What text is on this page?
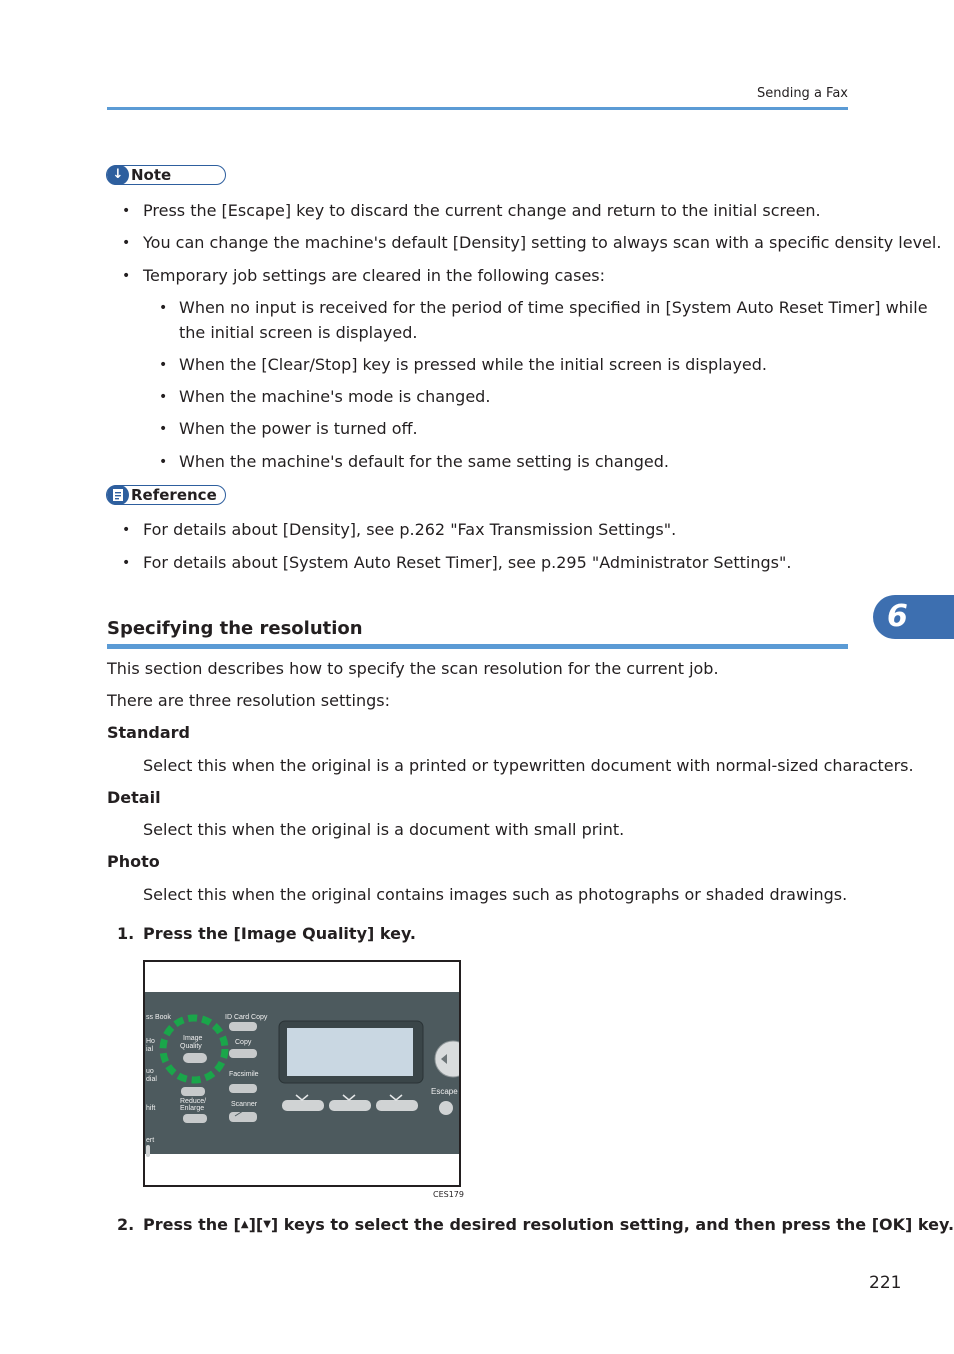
Sending a Fax
↓ Note
• Press the [Escape] key to discard the current change and return to the initial screen.
• You can change the machine's default [Density] setting to always scan with a specific density level.
• Temporary job settings are cleared in the following cases:
• When no input is received for the period of time specified in [System Auto Reset Timer] while
the initial screen is displayed.
• When the [Clear/Stop] key is pressed while the initial screen is displayed.
• When the machine's mode is changed.
• When the power is turned off.
• When the machine's default for the same setting is changed.
Reference
• For details about [Density], see p.262 "Fax Transmission Settings".
• For details about [System Auto Reset Timer], see p.295 "Administrator Settings".
Specifying the resolution	6
This section describes how to specify the scan resolution for the current job.
There are three resolution settings:
Standard
Select this when the original is a printed or typewritten document with normal-sized characters.
Detail
Select this when the original is a document with small print.
Photo
Select this when the original contains images such as photographs or shaded drawings.
1. Press the [Image Quality] key.
ss Book	ID Card Copy
Image
Quality
Copy
Facsimile
Reduce/
Enlarge
Scanner
Escape
Ho
ial
uo
dial
hift
ert
CES179
2. Press the [▲][▼] keys to select the desired resolution setting, and then press the [OK] key.
221
